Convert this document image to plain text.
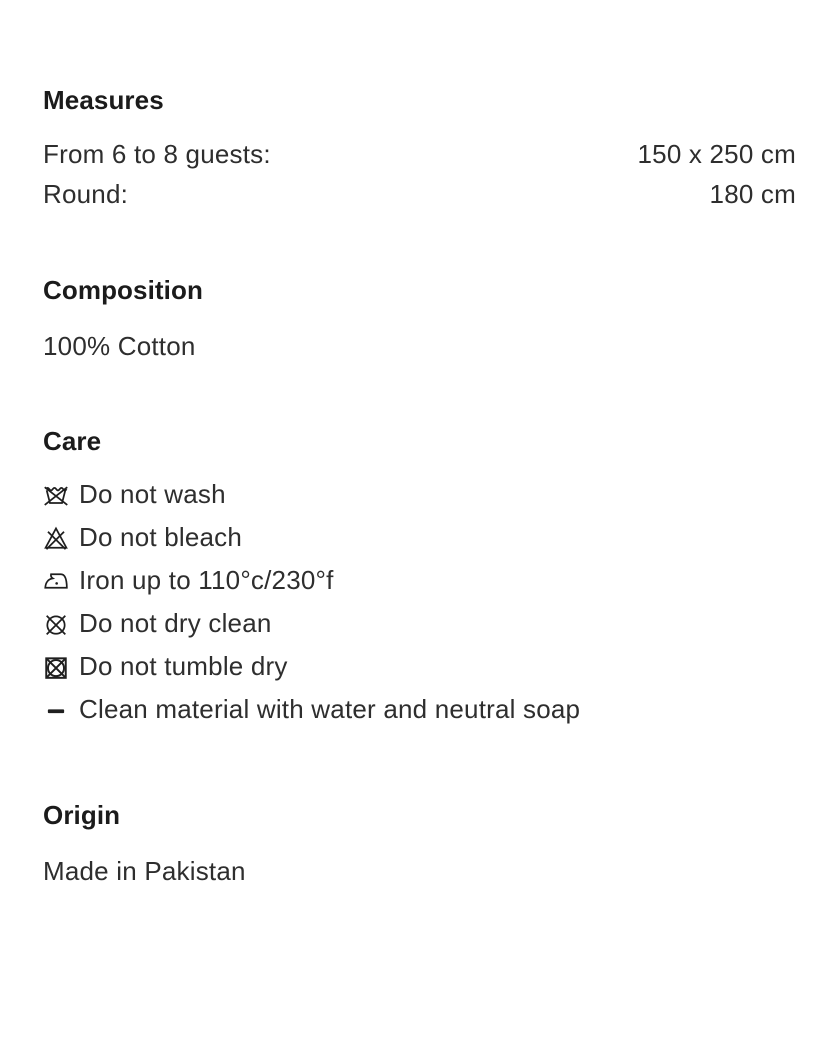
Measures
From 6 to 8 guests:	150 x 250 cm
Round:	180 cm
Composition
100% Cotton
Care
Do not wash
Do not bleach
Iron up to 110°c/230°f
Do not dry clean
Do not tumble dry
Clean material with water and neutral soap
Origin
Made in Pakistan
